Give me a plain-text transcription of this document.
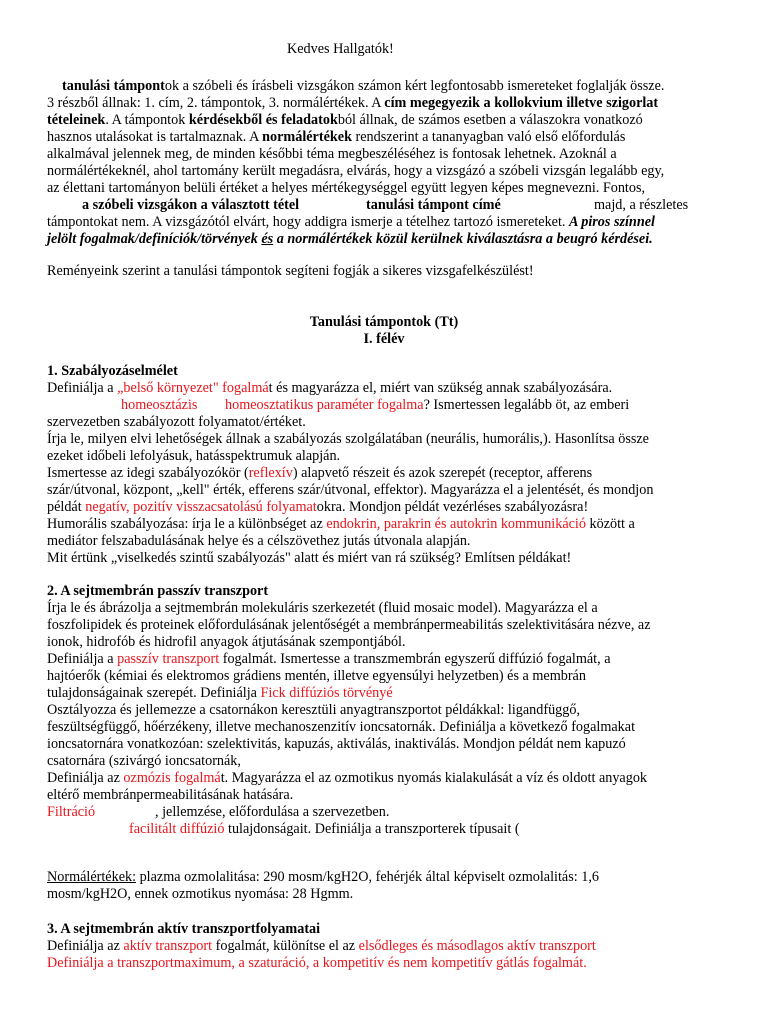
Kedves Hallgatók!
tanulási támpontok a szóbeli és írásbeli vizsgákon számon kért legfontosabb ismereteket foglalják össze.
3 részből állnak: 1. cím, 2. támpontok, 3. normálértékek. A cím megegyezik a kollokvium illetve szigorlat
tételeinek. A támpontok kérdésekből és feladatokból állnak, de számos esetben a válaszokra vonatkozó
hasznos utalásokat is tartalmaznak. A normálértékek rendszerint a tananyagban való első előfordulás
alkalmával jelennek meg, de minden későbbi téma megbeszéléséhez is fontosak lehetnek. Azoknál a
normálértékeknél, ahol tartomány került megadásra, elvárás, hogy a vizsgázó a szóbeli vizsgán legalább egy,
az élettani tartományon belüli értéket a helyes mértékegységgel együtt legyen képes megnevezni. Fontos,
a szóbeli vizsgákon a választott tétel	tanulási támpont címé	majd, a részletes
támpontokat nem. A vizsgázótól elvárt, hogy addigra ismerje a tételhez tartozó ismereteket. A piros színnel
jelölt fogalmak/definíciók/törvények és a normálértékek közül kerülnek kiválasztásra a beugró kérdései.
Reményeink szerint a tanulási támpontok segíteni fogják a sikeres vizsgafelkészülést!
Tanulási támpontok (Tt)
I. félév
1. Szabályozáselmélet
Definiálja a „belső környezet" fogalmát és magyarázza el, miért van szükség annak szabályozására.
homeosztázis homeosztatikus paraméter fogalma? Ismertessen legalább öt, az emberi
szervezetben szabályozott folyamatot/értéket.
Írja le, milyen elvi lehetőségek állnak a szabályozás szolgálatában (neurális, humorális,). Hasonlítsa össze
ezeket időbeli lefolyásuk, hatásspektrumuk alapján.
Ismertesse az idegi szabályozókör (reflexív) alapvető részeit és azok szerepét (receptor, afferens
szár/útvonal, központ, „kell" érték, efferens szár/útvonal, effektor). Magyarázza el a jelentését, és mondjon
példát negatív, pozitív visszacsatolású folyamatokra. Mondjon példát vezérléses szabályozásra!
Humorális szabályozása: írja le a különbséget az endokrin, parakrin és autokrin kommunikáció között a
mediátor felszabadulásának helye és a célszövethez jutás útvonala alapján.
Mit értünk „viselkedés szintű szabályozás" alatt és miért van rá szükség? Említsen példákat!
2. A sejtmembrán passzív transzport
Írja le és ábrázolja a sejtmembrán molekuláris szerkezetét (fluid mosaic model). Magyarázza el a
foszfolipidek és proteinek előfordulásának jelentőségét a membránpermeabilitás szelektivitására nézve, az
ionok, hidrofób és hidrofil anyagok átjutásának szempontjából.
Definiálja a passzív transzport fogalmát. Ismertesse a transzmembrán egyszerű diffúzió fogalmát, a
hajtóerők (kémiai és elektromos grádiens mentén, illetve egyensúlyi helyzetben) és a membrán
tulajdonságainak szerepét. Definiálja Fick diffúziós törvényé
Osztályozza és jellemezze a csatornákon keresztüli anyagtranszportot példákkal: ligandfüggő,
feszültségfüggő, hőérzékeny, illetve mechanoszenzitív ioncsatornák. Definiálja a következő fogalmakat
ioncsatornára vonatkozóan: szelektivitás, kapuzás, aktiválás, inaktiválás. Mondjon példát nem kapuzó
csatornára (szivárgó ioncsatornák,
Definiálja az ozmózis fogalmát. Magyarázza el az ozmotikus nyomás kialakulását a víz és oldott anyagok
eltérő membránpermeabilitásának hatására.
Filtráció	, jellemzése, előfordulása a szervezetben.
facilitált diffúzió tulajdonságait. Definiálja a transzporterek típusait (
Normálértékek: plazma ozmolalitása: 290 mosm/kgH2O, fehérjék által képviselt ozmolalitás: 1,6
mosm/kgH2O, ennek ozmotikus nyomása: 28 Hgmm.
3. A sejtmembrán aktív transzportfolyamatai
Definiálja az aktív transzport fogalmát, különítse el az elsődleges és másodlagos aktív transzport
Definiálja a transzportmaximum, a szaturáció, a kompetitív és nem kompetitív gátlás fogalmát.
